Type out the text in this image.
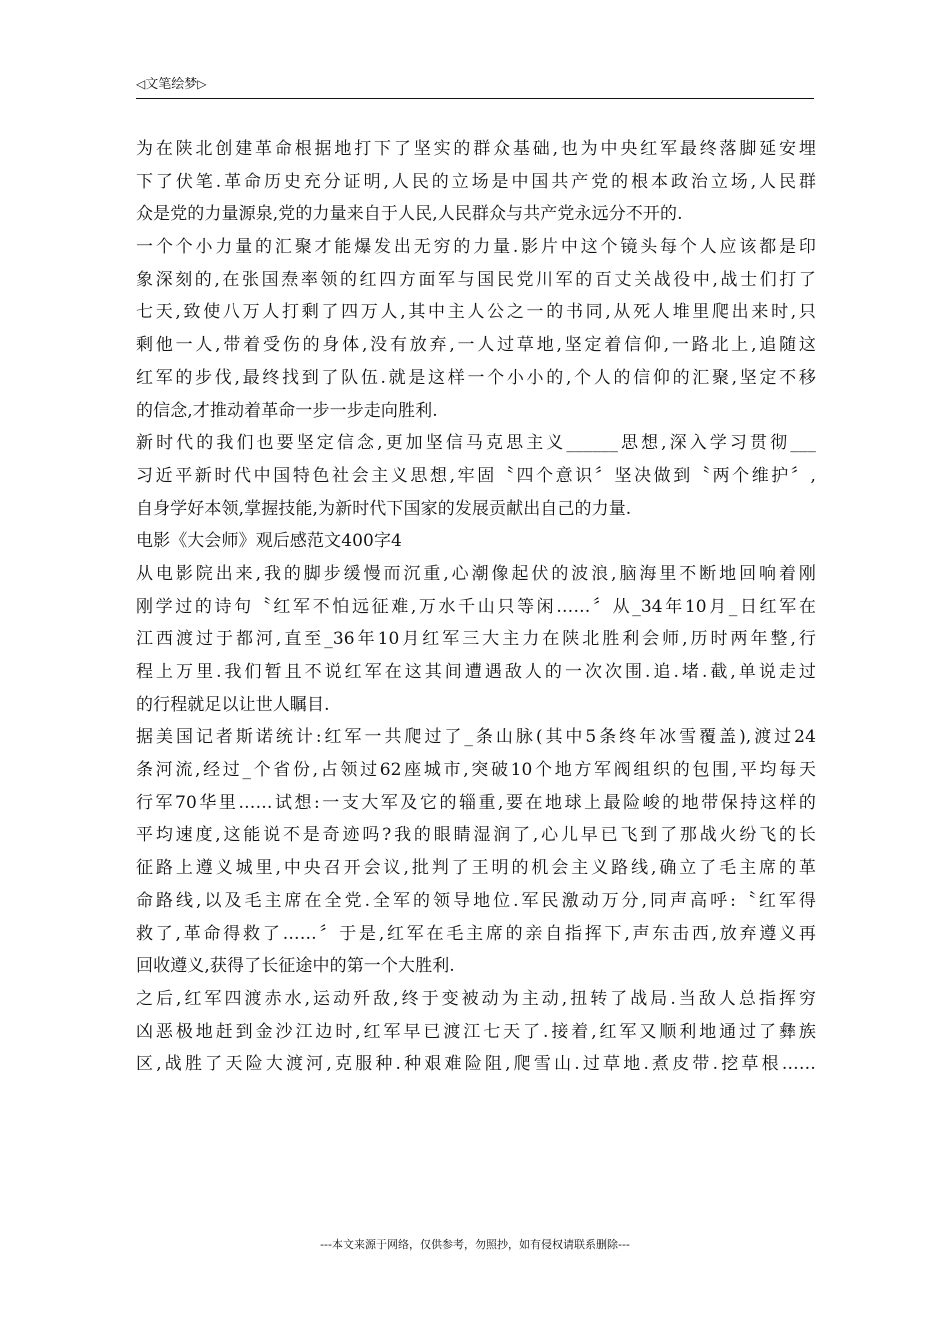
◁文笔绘梦▷
为在陕北创建革命根据地打下了坚实的群众基础,也为中央红军最终落脚延安埋
下了伏笔.革命历史充分证明,人民的立场是中国共产党的根本政治立场,人民群
众是党的力量源泉,党的力量来自于人民,人民群众与共产党永远分不开的.
一个个小力量的汇聚才能爆发出无穷的力量.影片中这个镜头每个人应该都是印
象深刻的,在张国焘率领的红四方面军与国民党川军的百丈关战役中,战士们打了
七天,致使八万人打剩了四万人,其中主人公之一的书同,从死人堆里爬出来时,只
剩他一人,带着受伤的身体,没有放弃,一人过草地,坚定着信仰,一路北上,追随这
红军的步伐,最终找到了队伍.就是这样一个小小的,个人的信仰的汇聚,坚定不移
的信念,才推动着革命一步一步走向胜利.
新时代的我们也要坚定信念,更加坚信马克思主义______思想,深入学习贯彻___
习近平新时代中国特色社会主义思想,牢固〝四个意识〞坚决做到〝两个维护〞,
自身学好本领,掌握技能,为新时代下国家的发展贡献出自己的力量.
电影《大会师》观后感范文400字4
从电影院出来,我的脚步缓慢而沉重,心潮像起伏的波浪,脑海里不断地回响着刚
刚学过的诗句〝红军不怕远征难,万水千山只等闲……〞从_34年10月_日红军在
江西渡过于都河,直至_36年10月红军三大主力在陕北胜利会师,历时两年整,行
程上万里.我们暂且不说红军在这其间遭遇敌人的一次次围.追.堵.截,单说走过
的行程就足以让世人瞩目.
据美国记者斯诺统计:红军一共爬过了_条山脉(其中5条终年冰雪覆盖),渡过24
条河流,经过_个省份,占领过62座城市,突破10个地方军阀组织的包围,平均每天
行军70华里……试想:一支大军及它的辎重,要在地球上最险峻的地带保持这样的
平均速度,这能说不是奇迹吗?我的眼睛湿润了,心儿早已飞到了那战火纷飞的长
征路上遵义城里,中央召开会议,批判了王明的机会主义路线,确立了毛主席的革
命路线,以及毛主席在全党.全军的领导地位.军民激动万分,同声高呼:〝红军得
救了,革命得救了……〞于是,红军在毛主席的亲自指挥下,声东击西,放弃遵义再
回收遵义,获得了长征途中的第一个大胜利.
之后,红军四渡赤水,运动歼敌,终于变被动为主动,扭转了战局.当敌人总指挥穷
凶恶极地赶到金沙江边时,红军早已渡江七天了.接着,红军又顺利地通过了彝族
区,战胜了天险大渡河,克服种.种艰难险阻,爬雪山.过草地.煮皮带.挖草根……
---本文来源于网络，仅供参考，勿照抄，如有侵权请联系删除---
